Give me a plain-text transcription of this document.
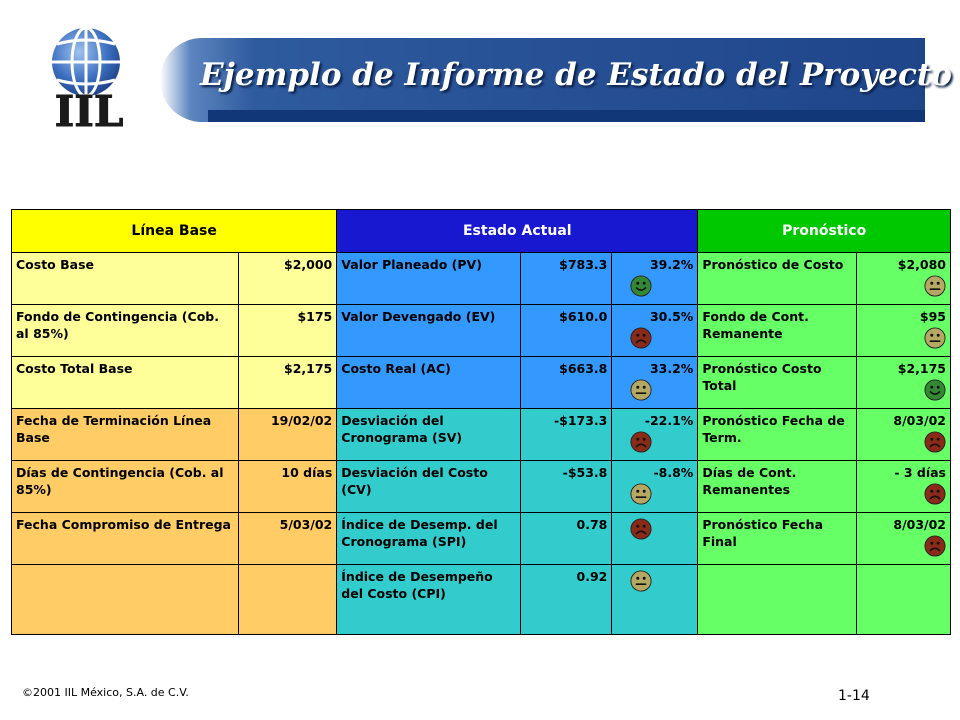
IIL
Ejemplo de Informe de Estado del Proyecto
Línea Base		Estado Actual			Pronóstico	

Costo Base	$2,000	Valor Planeado (PV)	$783.3	39.2%	Pronóstico de Costo	$2,080

Fondo de Contingencia (Cob. al 85%)	$175	Valor Devengado (EV)	$610.0	30.5%	Fondo de Cont. Remanente	$95

Costo Total Base	$2,175	Costo Real (AC)	$663.8	33.2%	Pronóstico Costo Total	$2,175

Fecha de Terminación Línea Base	19/02/02	Desviación del Cronograma (SV)	-$173.3	-22.1%	Pronóstico Fecha de Term.	8/03/02

Días de Contingencia (Cob. al 85%)	10 días	Desviación del Costo (CV)	-$53.8	-8.8%	Días de Cont. Remanentes	- 3 días

Fecha Compromiso de Entrega	5/03/02	Índice de Desemp. del Cronograma (SPI)	0.78		Pronóstico Fecha Final	8/03/02

		Índice de Desempeño del Costo (CPI)	0.92

©2001 IIL México, S.A. de C.V.	1-14
